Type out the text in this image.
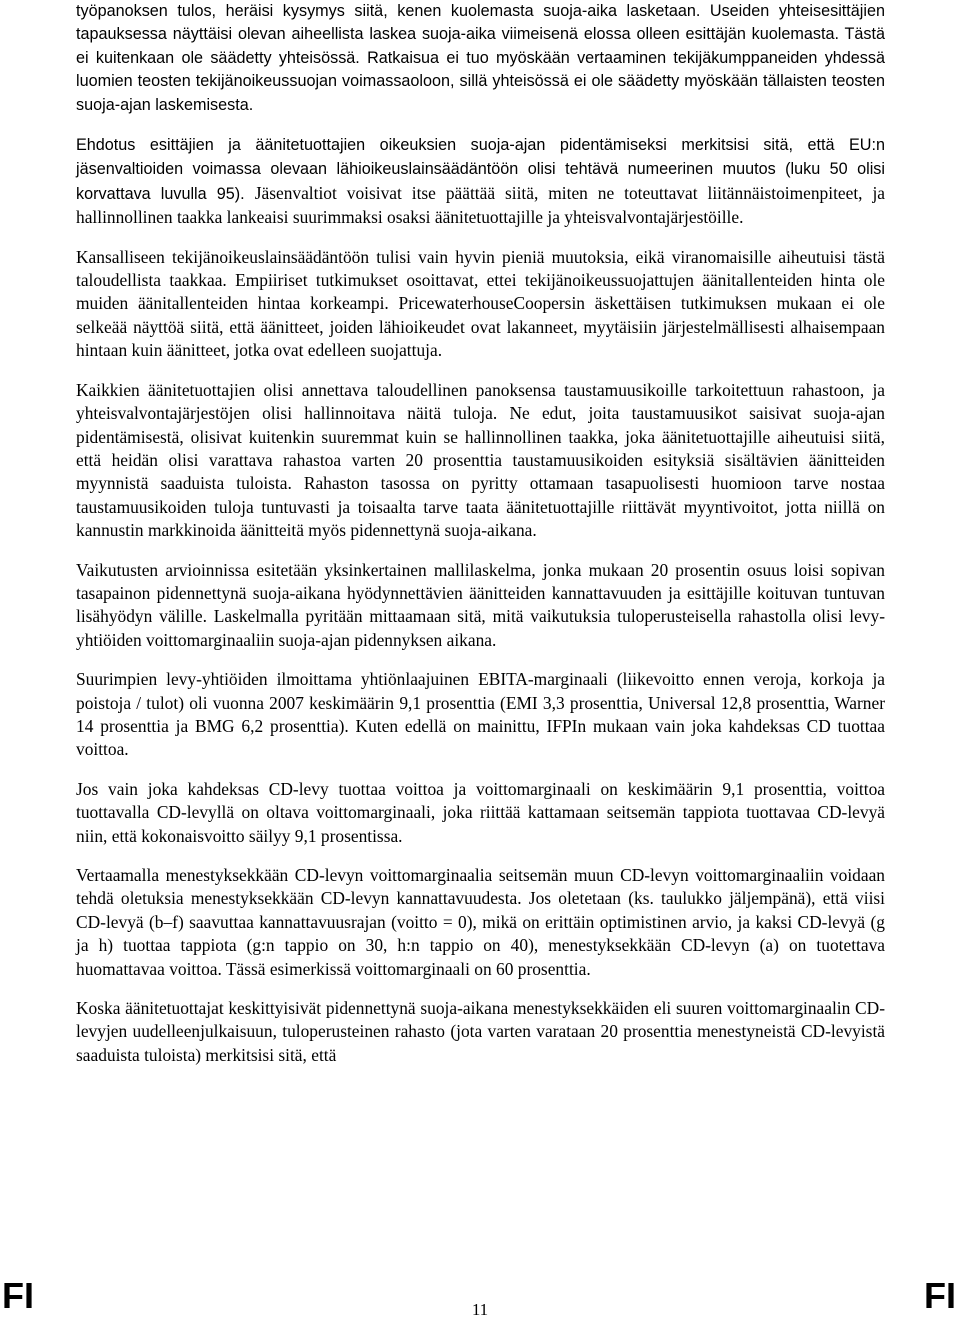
työpanoksen tulos, heräisi kysymys siitä, kenen kuolemasta suoja-aika lasketaan. Useiden yhteisesittäjien tapauksessa näyttäisi olevan aiheellista laskea suoja-aika viimeisenä elossa olleen esittäjän kuolemasta. Tästä ei kuitenkaan ole säädetty yhteisössä. Ratkaisua ei tuo myöskään vertaaminen tekijäkumppaneiden yhdessä luomien teosten tekijänoikeussuojan voimassaoloon, sillä yhteisössä ei ole säädetty myöskään tällaisten teosten suoja-ajan laskemisesta.

Ehdotus esittäjien ja äänitetuottajien oikeuksien suoja-ajan pidentämiseksi merkitsisi sitä, että EU:n jäsenvaltioiden voimassa olevaan lähioikeuslainsäädäntöön olisi tehtävä numeerinen muutos (luku 50 olisi korvattava luvulla 95). Jäsenvaltiot voisivat itse päättää siitä, miten ne toteuttavat liitännäistoimenpiteet, ja hallinnollinen taakka lankeaisi suurimmaksi osaksi äänitetuottajille ja yhteisvalvontajärjestöille.

Kansalliseen tekijänoikeuslainsäädäntöön tulisi vain hyvin pieniä muutoksia, eikä viranomaisille aiheutuisi tästä taloudellista taakkaa. Empiiriset tutkimukset osoittavat, ettei tekijänoikeussuojattujen äänitallenteiden hinta ole muiden äänitallenteiden hintaa korkeampi. PricewaterhouseCoopersin äskettäisen tutkimuksen mukaan ei ole selkeää näyttöä siitä, että äänitteet, joiden lähioikeudet ovat lakanneet, myytäisiin järjestelmällisesti alhaisempaan hintaan kuin äänitteet, jotka ovat edelleen suojattuja.

Kaikkien äänitetuottajien olisi annettava taloudellinen panoksensa taustamuusikoille tarkoitettuun rahastoon, ja yhteisvalvontajärjestöjen olisi hallinnoitava näitä tuloja. Ne edut, joita taustamuusikot saisivat suoja-ajan pidentämisestä, olisivat kuitenkin suuremmat kuin se hallinnollinen taakka, joka äänitetuottajille aiheutuisi siitä, että heidän olisi varattava rahastoa varten 20 prosenttia taustamuusikoiden esityksiä sisältävien äänitteiden myynnistä saaduista tuloista. Rahaston tasossa on pyritty ottamaan tasapuolisesti huomioon tarve nostaa taustamuusikoiden tuloja tuntuvasti ja toisaalta tarve taata äänitetuottajille riittävät myyntivoitot, jotta niillä on kannustin markkinoida äänitteitä myös pidennettynä suoja-aikana.

Vaikutusten arvioinnissa esitetään yksinkertainen mallilaskelma, jonka mukaan 20 prosentin osuus loisi sopivan tasapainon pidennettynä suoja-aikana hyödynnettävien äänitteiden kannattavuuden ja esittäjille koituvan tuntuvan lisähyödyn välille. Laskelmalla pyritään mittaamaan sitä, mitä vaikutuksia tuloperusteisella rahastolla olisi levy-yhtiöiden voittomarginaaliin suoja-ajan pidennyksen aikana.

Suurimpien levy-yhtiöiden ilmoittama yhtiönlaajuinen EBITA-marginaali (liikevoitto ennen veroja, korkoja ja poistoja / tulot) oli vuonna 2007 keskimäärin 9,1 prosenttia (EMI 3,3 prosenttia, Universal 12,8 prosenttia, Warner 14 prosenttia ja BMG 6,2 prosenttia). Kuten edellä on mainittu, IFPIn mukaan vain joka kahdeksas CD tuottaa voittoa.

Jos vain joka kahdeksas CD-levy tuottaa voittoa ja voittomarginaali on keskimäärin 9,1 prosenttia, voittoa tuottavalla CD-levyllä on oltava voittomarginaali, joka riittää kattamaan seitsemän tappiota tuottavaa CD-levyä niin, että kokonaisvoitto säilyy 9,1 prosentissa.

Vertaamalla menestyksekkään CD-levyn voittomarginaalia seitsemän muun CD-levyn voittomarginaaliin voidaan tehdä oletuksia menestyksekkään CD-levyn kannattavuudesta. Jos oletetaan (ks. taulukko jäljempänä), että viisi CD-levyä (b–f) saavuttaa kannattavuusrajan (voitto = 0), mikä on erittäin optimistinen arvio, ja kaksi CD-levyä (g ja h) tuottaa tappiota (g:n tappio on 30, h:n tappio on 40), menestyksekkään CD-levyn (a) on tuotettava huomattavaa voittoa. Tässä esimerkissä voittomarginaali on 60 prosenttia.

Koska äänitetuottajat keskittyisivät pidennettynä suoja-aikana menestyksekkäiden eli suuren voittomarginaalin CD-levyjen uudelleenjulkaisuun, tuloperusteinen rahasto (jota varten varataan 20 prosenttia menestyneistä CD-levyistä saaduista tuloista) merkitsisi sitä, että

FI	11	FI
